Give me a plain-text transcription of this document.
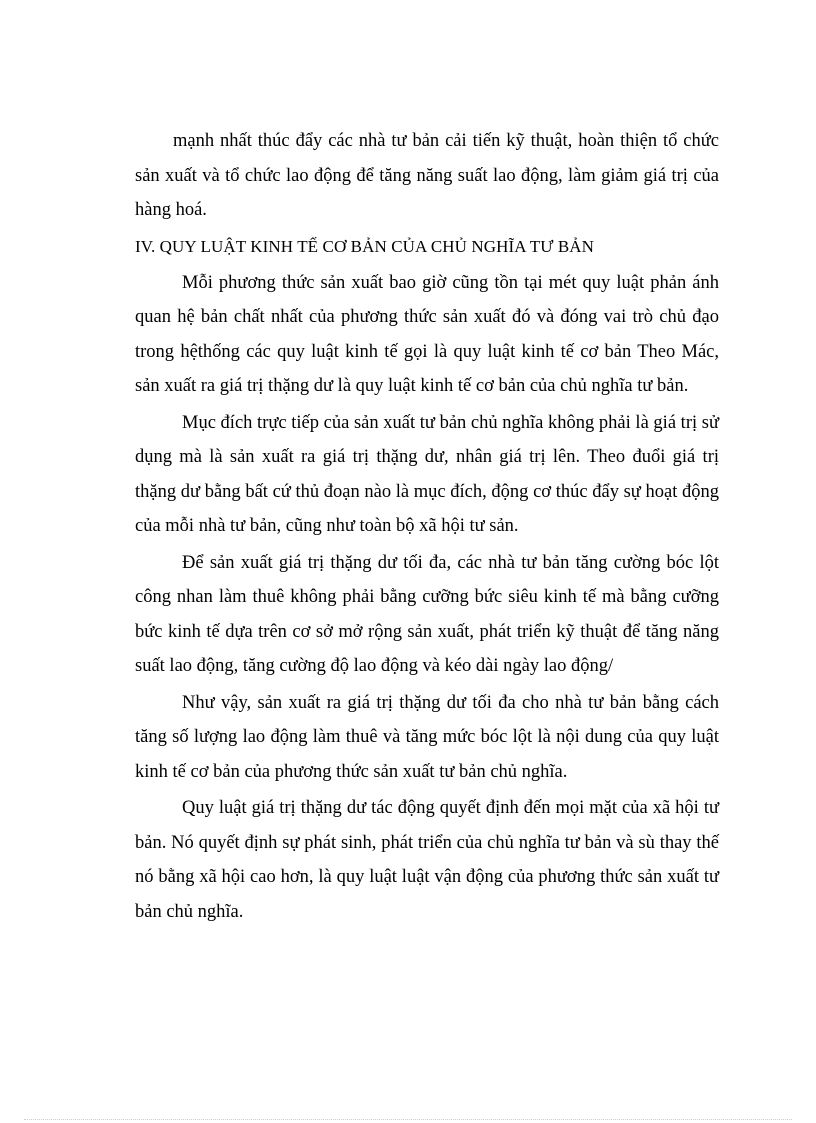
mạnh nhất thúc đẩy các nhà tư bản cải tiến kỹ thuật, hoàn thiện tổ chức sản xuất và tổ chức lao động để tăng năng suất lao động, làm giảm giá trị của hàng hoá.

IV. QUY LUẬT KINH TẾ CƠ BẢN CỦA CHỦ NGHĨA TƯ BẢN

Mỗi phương thức sản xuất bao giờ cũng tồn tại mét quy luật phản ánh quan hệ bản chất nhất của phương thức sản xuất đó và đóng vai trò chủ đạo trong hệthống các quy luật kinh tế gọi là quy luật kinh tế cơ bản Theo Mác, sản xuất ra giá trị thặng dư là quy luật kinh tế cơ bản của chủ nghĩa tư bản.

Mục đích trực tiếp của sản xuất tư bản chủ nghĩa không phải là giá trị sử dụng mà là sản xuất ra giá trị thặng dư, nhân giá trị lên. Theo đuổi giá trị thặng dư bằng bất cứ thủ đoạn nào là mục đích, động cơ thúc đẩy sự hoạt động của mỗi nhà tư bản, cũng như toàn bộ xã hội tư sản.

Để sản xuất giá trị thặng dư tối đa, các nhà tư bản tăng cường bóc lột công nhan làm thuê không phải bằng cưỡng bức siêu kinh tế mà bằng cưỡng bức kinh tế dựa trên cơ sở mở rộng sản xuất, phát triển kỹ thuật để tăng năng suất lao động, tăng cường độ lao động và kéo dài ngày lao động/

Như vậy, sản xuất ra giá trị thặng dư tối đa cho nhà tư bản bằng cách tăng số lượng lao động làm thuê và tăng mức bóc lột là nội dung của quy luật kinh tế cơ bản của phương thức sản xuất tư bản chủ nghĩa.

Quy luật giá trị thặng dư tác động quyết định đến mọi mặt của xã hội tư bản. Nó quyết định sự phát sinh, phát triển của chủ nghĩa tư bản và sù thay thế nó bằng xã hội cao hơn, là quy luật luật vận động của phương thức sản xuất tư bản chủ nghĩa.
